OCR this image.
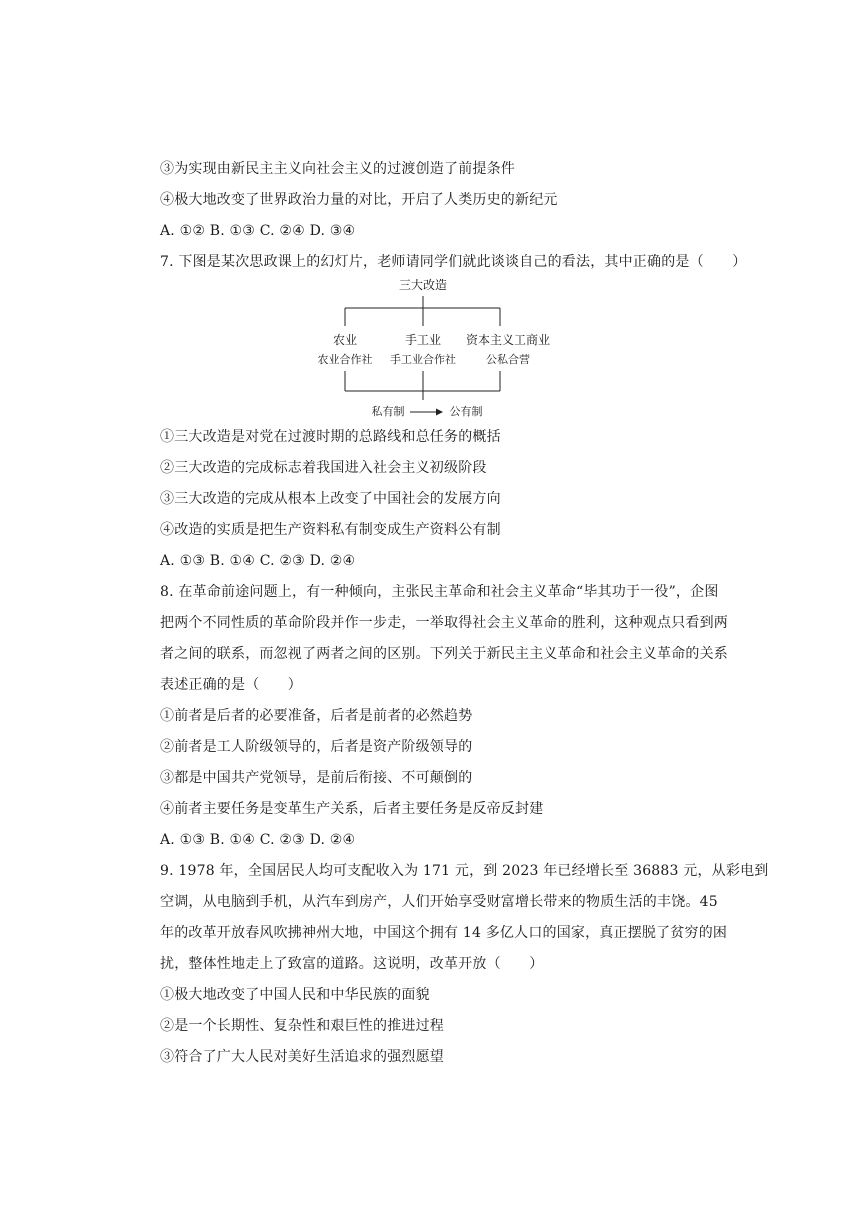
③为实现由新民主主义向社会主义的过渡创造了前提条件
④极大地改变了世界政治力量的对比，开启了人类历史的新纪元
A. ①② B. ①③ C. ②④ D. ③④
7. 下图是某次思政课上的幻灯片，老师请同学们就此谈谈自己的看法，其中正确的是（　　）
三大改造
农业	手工业 资本主义工商业
农业合作社 手工业合作社	公私合营
私有制	公有制
①三大改造是对党在过渡时期的总路线和总任务的概括
②三大改造的完成标志着我国进入社会主义初级阶段
③三大改造的完成从根本上改变了中国社会的发展方向
④改造的实质是把生产资料私有制变成生产资料公有制
A. ①③ B. ①④ C. ②③ D. ②④
8. 在革命前途问题上，有一种倾向，主张民主革命和社会主义革命“毕其功于一役”，企图
把两个不同性质的革命阶段并作一步走，一举取得社会主义革命的胜利，这种观点只看到两
者之间的联系，而忽视了两者之间的区别。下列关于新民主主义革命和社会主义革命的关系
表述正确的是（　　）
①前者是后者的必要准备，后者是前者的必然趋势
②前者是工人阶级领导的，后者是资产阶级领导的
③都是中国共产党领导，是前后衔接、不可颠倒的
④前者主要任务是变革生产关系，后者主要任务是反帝反封建
A. ①③ B. ①④ C. ②③ D. ②④
9. 1978 年，全国居民人均可支配收入为 171 元，到 2023 年已经增长至 36883 元，从彩电到
空调，从电脑到手机，从汽车到房产，人们开始享受财富增长带来的物质生活的丰饶。45
年的改革开放春风吹拂神州大地，中国这个拥有 14 多亿人口的国家，真正摆脱了贫穷的困
扰，整体性地走上了致富的道路。这说明，改革开放（　　）
①极大地改变了中国人民和中华民族的面貌
②是一个长期性、复杂性和艰巨性的推进过程
③符合了广大人民对美好生活追求的强烈愿望
